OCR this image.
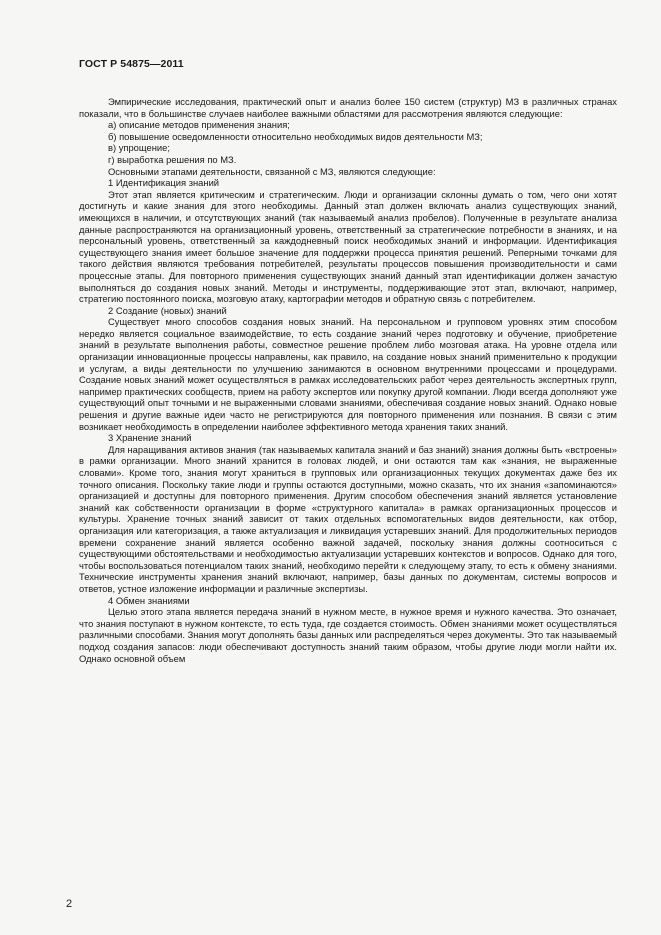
ГОСТ Р 54875—2011

Эмпирические исследования, практический опыт и анализ более 150 систем (структур) МЗ в различных странах показали, что в большинстве случаев наиболее важными областями для рассмотрения являются следующие:

а) описание методов применения знания;

б) повышение осведомленности относительно необходимых видов деятельности МЗ;

в) упрощение;

г) выработка решения по МЗ.

Основными этапами деятельности, связанной с МЗ, являются следующие:

1 Идентификация знаний

Этот этап является критическим и стратегическим. Люди и организации склонны думать о том, чего они хотят достигнуть и какие знания для этого необходимы. Данный этап должен включать анализ существующих знаний, имеющихся в наличии, и отсутствующих знаний (так называемый анализ пробелов). Полученные в результате анализа данные распространяются на организационный уровень, ответственный за стратегические потребности в знаниях, и на персональный уровень, ответственный за каждодневный поиск необходимых знаний и информации. Идентификация существующего знания имеет большое значение для поддержки процесса принятия решений. Реперными точками для такого действия являются требования потребителей, результаты процессов повышения производительности и сами процессные этапы. Для повторного применения существующих знаний данный этап идентификации должен зачастую выполняться до создания новых знаний. Методы и инструменты, поддерживающие этот этап, включают, например, стратегию постоянного поиска, мозговую атаку, картографии методов и обратную связь с потребителем.

2 Создание (новых) знаний

Существует много способов создания новых знаний. На персональном и групповом уровнях этим способом нередко является социальное взаимодействие, то есть создание знаний через подготовку и обучение, приобретение знаний в результате выполнения работы, совместное решение проблем либо мозговая атака. На уровне отдела или организации инновационные процессы направлены, как правило, на создание новых знаний применительно к продукции и услугам, а виды деятельности по улучшению занимаются в основном внутренними процессами и процедурами. Создание новых знаний может осуществляться в рамках исследовательских работ через деятельность экспертных групп, например практических сообществ, прием на работу экспертов или покупку другой компании. Люди всегда дополняют уже существующий опыт точными и не выраженными словами знаниями, обеспечивая создание новых знаний. Однако новые решения и другие важные идеи часто не регистрируются для повторного применения или познания. В связи с этим возникает необходимость в определении наиболее эффективного метода хранения таких знаний.

3 Хранение знаний

Для наращивания активов знания (так называемых капитала знаний и баз знаний) знания должны быть «встроены» в рамки организации. Много знаний хранится в головах людей, и они остаются там как «знания, не выраженные словами». Кроме того, знания могут храниться в групповых или организационных текущих документах даже без их точного описания. Поскольку такие люди и группы остаются доступными, можно сказать, что их знания «запоминаются» организацией и доступны для повторного применения. Другим способом обеспечения знаний является установление знаний как собственности организации в форме «структурного капитала» в рамках организационных процессов и культуры. Хранение точных знаний зависит от таких отдельных вспомогательных видов деятельности, как отбор, организация или категоризация, а также актуализация и ликвидация устаревших знаний. Для продолжительных периодов времени сохранение знаний является особенно важной задачей, поскольку знания должны соотноситься с существующими обстоятельствами и необходимостью актуализации устаревших контекстов и вопросов. Однако для того, чтобы воспользоваться потенциалом таких знаний, необходимо перейти к следующему этапу, то есть к обмену знаниями. Технические инструменты хранения знаний включают, например, базы данных по документам, системы вопросов и ответов, устное изложение информации и различные экспертизы.

4 Обмен знаниями

Целью этого этапа является передача знаний в нужном месте, в нужное время и нужного качества. Это означает, что знания поступают в нужном контексте, то есть туда, где создается стоимость. Обмен знаниями может осуществляться различными способами. Знания могут дополнять базы данных или распределяться через документы. Это так называемый подход создания запасов: люди обеспечивают доступность знаний таким образом, чтобы другие люди могли найти их. Однако основной объем

2
